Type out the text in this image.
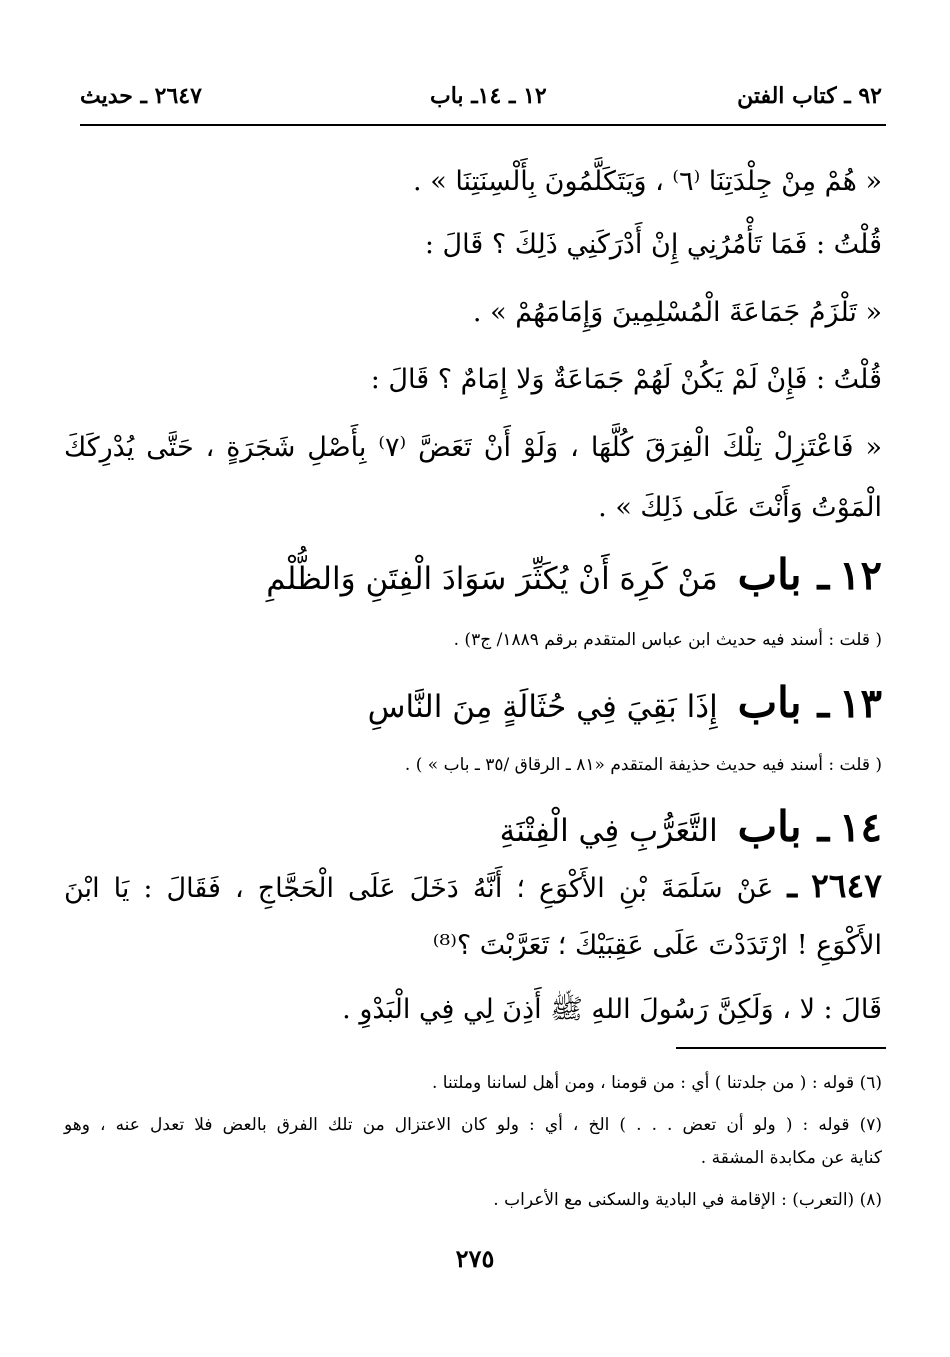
٩٢ ـ كتاب الفتن
١٢ ـ ١٤ـ باب
٢٦٤٧ ـ حديث
« هُمْ مِنْ جِلْدَتِنَا ⁽٦⁾ ، وَيَتَكَلَّمُونَ بِأَلْسِنَتِنَا » .
قُلْتُ : فَمَا تَأْمُرُنِي إِنْ أَدْرَكَنِي ذَلِكَ ؟ قَالَ :
« تَلْزَمُ جَمَاعَةَ الْمُسْلِمِينَ وَإِمَامَهُمْ » .
قُلْتُ : فَإِنْ لَمْ يَكُنْ لَهُمْ جَمَاعَةٌ وَلا إِمَامٌ ؟ قَالَ :
« فَاعْتَزِلْ تِلْكَ الْفِرَقَ كُلَّهَا ، وَلَوْ أَنْ تَعَضَّ ⁽٧⁾ بِأَصْلِ شَجَرَةٍ ، حَتَّى يُدْرِكَكَ
الْمَوْتُ وَأَنْتَ عَلَى ذَلِكَ » .
١٢ ـ باب مَنْ كَرِهَ أَنْ يُكَثِّرَ سَوَادَ الْفِتَنِ وَالظُّلْمِ
( قلت : أسند فيه حديث ابن عباس المتقدم برقم ١٨٨٩/ ج٣) .
١٣ ـ باب إِذَا بَقِيَ فِي حُثَالَةٍ مِنَ النَّاسِ
( قلت : أسند فيه حديث حذيفة المتقدم «٨١ ـ الرقاق /٣٥ ـ باب » ) .
١٤ ـ باب التَّعَرُّبِ فِي الْفِتْنَةِ
٢٦٤٧ ـ عَنْ سَلَمَةَ بْنِ الأَكْوَعِ ؛ أَنَّهُ دَخَلَ عَلَى الْحَجَّاجِ ، فَقَالَ : يَا ابْنَ
الأَكْوَعِ ! ارْتَدَدْتَ عَلَى عَقِبَيْكَ ؛ تَعَرَّبْتَ ؟⁽⁸⁾
قَالَ : لا ، وَلَكِنَّ رَسُولَ اللهِ ﷺ أَذِنَ لِي فِي الْبَدْوِ .
(٦) قوله : ( من جلدتنا ) أي : من قومنا ، ومن أهل لساننا وملتنا .
(٧) قوله : ( ولو أن تعض . . . ) الخ ، أي : ولو كان الاعتزال من تلك الفرق بالعض فلا تعدل عنه ، وهو
كناية عن مكابدة المشقة .
(٨) (التعرب) : الإقامة في البادية والسكنى مع الأعراب .
٢٧٥
